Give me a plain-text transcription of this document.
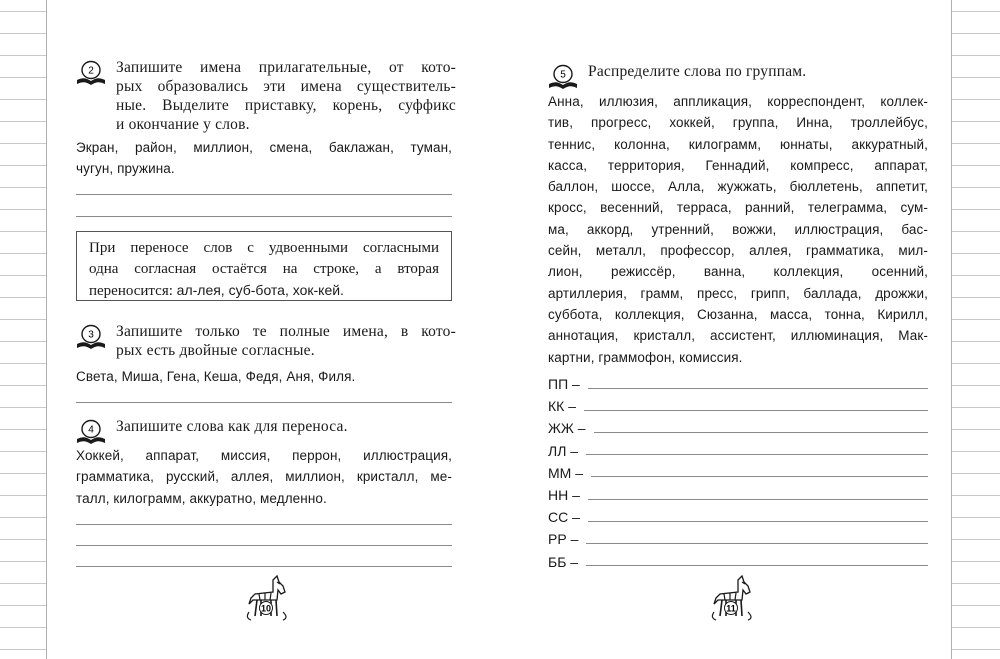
2 Запишите имена прилагательные, от кото-
рых образовались эти имена существитель-
ные. Выделите приставку, корень, суффикс
и окончание у слов.
Экран, район, миллион, смена, баклажан, туман,
чугун, пружина.
При переносе слов с удвоенными согласными
одна согласная остаётся на строке, а вторая
переносится: ал-лея, суб-бота, хок-кей.
3 Запишите только те полные имена, в кото-
рых есть двойные согласные.
Света, Миша, Гена, Кеша, Федя, Аня, Филя.
4 Запишите слова как для переноса.
Хоккей, аппарат, миссия, перрон, иллюстрация,
грамматика, русский, аллея, миллион, кристалл, ме-
талл, килограмм, аккуратно, медленно.
10
5 Распределите слова по группам.
Анна, иллюзия, аппликация, корреспондент, коллек-
тив, прогресс, хоккей, группа, Инна, троллейбус,
теннис, колонна, килограмм, юннаты, аккуратный,
касса, территория, Геннадий, компресс, аппарат,
баллон, шоссе, Алла, жужжать, бюллетень, аппетит,
кросс, весенний, терраса, ранний, телеграмма, сум-
ма, аккорд, утренний, вожжи, иллюстрация, бас-
сейн, металл, профессор, аллея, грамматика, мил-
лион, режиссёр, ванна, коллекция, осенний,
артиллерия, грамм, пресс, грипп, баллада, дрожжи,
суббота, коллекция, Сюзанна, масса, тонна, Кирилл,
аннотация, кристалл, ассистент, иллюминация, Мак-
картни, граммофон, комиссия.
ПП –
КК –
ЖЖ –
ЛЛ –
ММ –
НН –
СС –
РР –
ББ –
11
